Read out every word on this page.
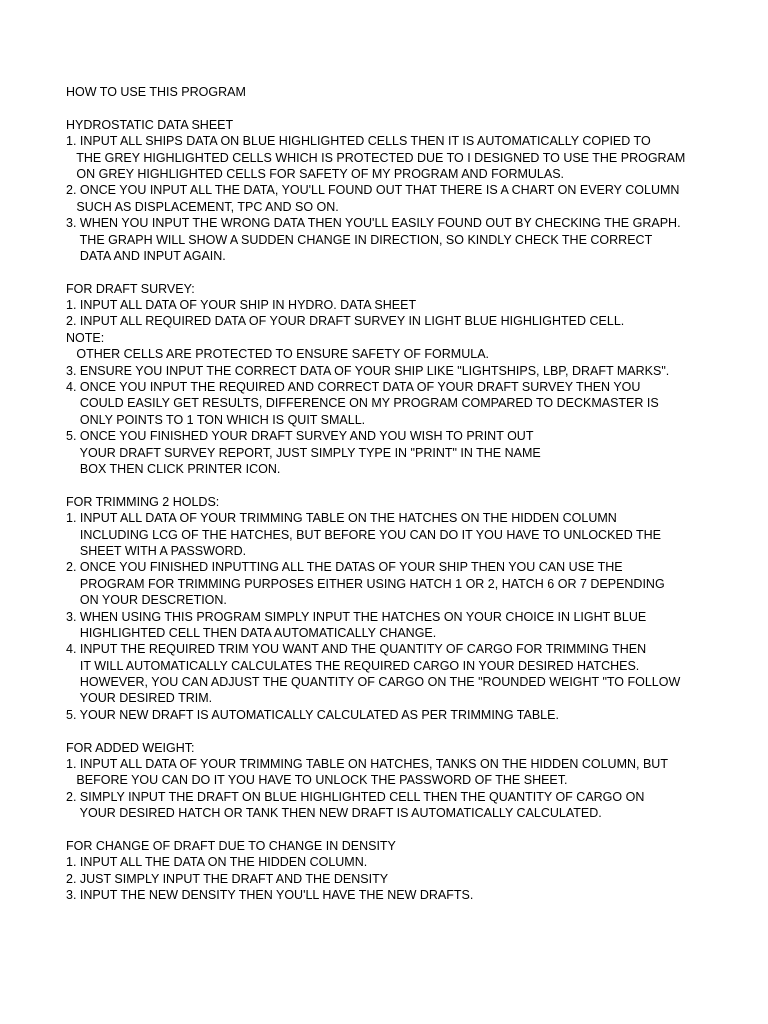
HOW TO USE THIS PROGRAM
HYDROSTATIC DATA SHEET
1. INPUT ALL SHIPS DATA ON BLUE HIGHLIGHTED CELLS THEN IT IS AUTOMATICALLY COPIED TO
THE GREY HIGHLIGHTED CELLS WHICH IS PROTECTED DUE TO I DESIGNED TO USE THE PROGRAM
ON GREY HIGHLIGHTED CELLS FOR SAFETY OF MY PROGRAM AND FORMULAS.
2. ONCE YOU INPUT ALL THE DATA, YOU'LL FOUND OUT THAT THERE IS A CHART ON EVERY COLUMN
SUCH AS DISPLACEMENT, TPC AND SO ON.
3. WHEN YOU INPUT THE WRONG DATA THEN YOU'LL EASILY FOUND OUT BY CHECKING THE GRAPH.
THE GRAPH WILL SHOW A SUDDEN CHANGE IN DIRECTION, SO KINDLY CHECK THE CORRECT
DATA AND INPUT AGAIN.
FOR DRAFT SURVEY:
1. INPUT ALL DATA OF YOUR SHIP IN HYDRO. DATA SHEET
2. INPUT ALL REQUIRED DATA OF YOUR DRAFT SURVEY IN LIGHT BLUE HIGHLIGHTED CELL.
NOTE:
OTHER CELLS ARE PROTECTED TO ENSURE SAFETY OF FORMULA.
3. ENSURE YOU INPUT THE CORRECT DATA OF YOUR SHIP LIKE "LIGHTSHIPS, LBP, DRAFT MARKS".
4. ONCE YOU INPUT THE REQUIRED AND CORRECT DATA OF YOUR DRAFT SURVEY THEN YOU
COULD EASILY GET RESULTS, DIFFERENCE ON MY PROGRAM COMPARED TO DECKMASTER IS
ONLY POINTS TO 1 TON WHICH IS QUIT SMALL.
5. ONCE YOU FINISHED YOUR DRAFT SURVEY AND YOU WISH TO PRINT OUT
YOUR DRAFT SURVEY REPORT, JUST SIMPLY TYPE IN "PRINT" IN THE NAME
BOX THEN CLICK PRINTER ICON.
FOR TRIMMING 2 HOLDS:
1. INPUT ALL DATA OF YOUR TRIMMING TABLE ON THE HATCHES ON THE HIDDEN COLUMN
INCLUDING LCG OF THE HATCHES, BUT BEFORE YOU CAN DO IT YOU HAVE TO UNLOCKED THE
SHEET WITH A PASSWORD.
2. ONCE YOU FINISHED INPUTTING ALL THE DATAS OF YOUR SHIP THEN YOU CAN USE THE
PROGRAM FOR TRIMMING PURPOSES EITHER USING HATCH 1 OR 2, HATCH 6 OR 7 DEPENDING
ON YOUR DESCRETION.
3. WHEN USING THIS PROGRAM SIMPLY INPUT THE HATCHES ON YOUR CHOICE IN LIGHT BLUE
HIGHLIGHTED CELL THEN DATA AUTOMATICALLY CHANGE.
4. INPUT THE REQUIRED TRIM YOU WANT AND THE QUANTITY OF CARGO FOR TRIMMING THEN
IT WILL AUTOMATICALLY CALCULATES THE REQUIRED CARGO IN YOUR DESIRED HATCHES.
HOWEVER, YOU CAN ADJUST THE QUANTITY OF CARGO ON THE "ROUNDED WEIGHT "TO FOLLOW
YOUR DESIRED TRIM.
5. YOUR NEW DRAFT IS AUTOMATICALLY CALCULATED AS PER TRIMMING TABLE.
FOR ADDED WEIGHT:
1. INPUT ALL DATA OF YOUR TRIMMING TABLE ON HATCHES, TANKS ON THE HIDDEN COLUMN, BUT
BEFORE YOU CAN DO IT YOU HAVE TO UNLOCK THE PASSWORD OF THE SHEET.
2. SIMPLY INPUT THE DRAFT ON BLUE HIGHLIGHTED CELL THEN THE QUANTITY OF CARGO ON
YOUR DESIRED HATCH OR TANK THEN NEW DRAFT IS AUTOMATICALLY CALCULATED.
FOR CHANGE OF DRAFT DUE TO CHANGE IN DENSITY
1. INPUT ALL THE DATA ON THE HIDDEN COLUMN.
2. JUST SIMPLY INPUT THE DRAFT AND THE DENSITY
3. INPUT THE NEW DENSITY THEN YOU'LL HAVE THE NEW DRAFTS.
